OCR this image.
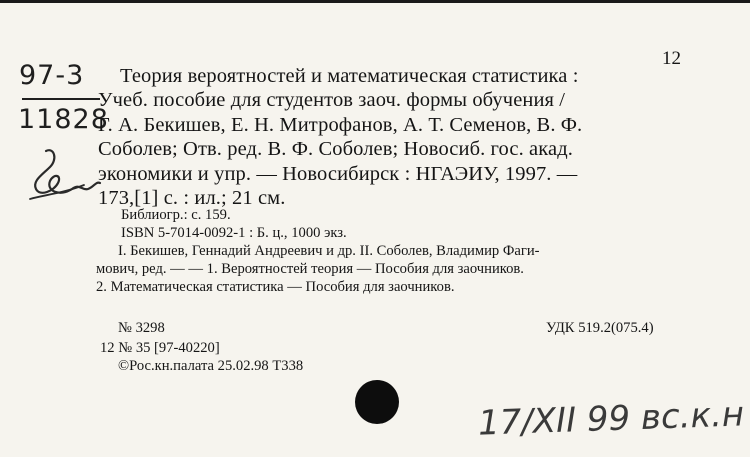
12
97-3
11828
Теория вероятностей и математическая статистика :
Учеб. пособие для студентов заоч. формы обучения /
Г. А. Бекишев, Е. Н. Митрофанов, А. Т. Семенов, В. Ф.
Соболев; Отв. ред. В. Ф. Соболев; Новосиб. гос. акад.
экономики и упр. — Новосибирск : НГАЭИУ, 1997. —
173,[1] с. : ил.; 21 см.
Библиогр.: с. 159.
ISBN 5-7014-0092-1 : Б. ц., 1000 экз.
I. Бекишев, Геннадий Андреевич и др. II. Соболев, Владимир Фаги-
мович, ред. — — 1. Вероятностей теория — Пособия для заочников.
2. Математическая статистика — Пособия для заочников.
№ 3298	УДК 519.2(075.4)
12 № 35 [97-40220]
©Рос.кн.палата 25.02.98 Т338
17/XII 99 вс.к.н
